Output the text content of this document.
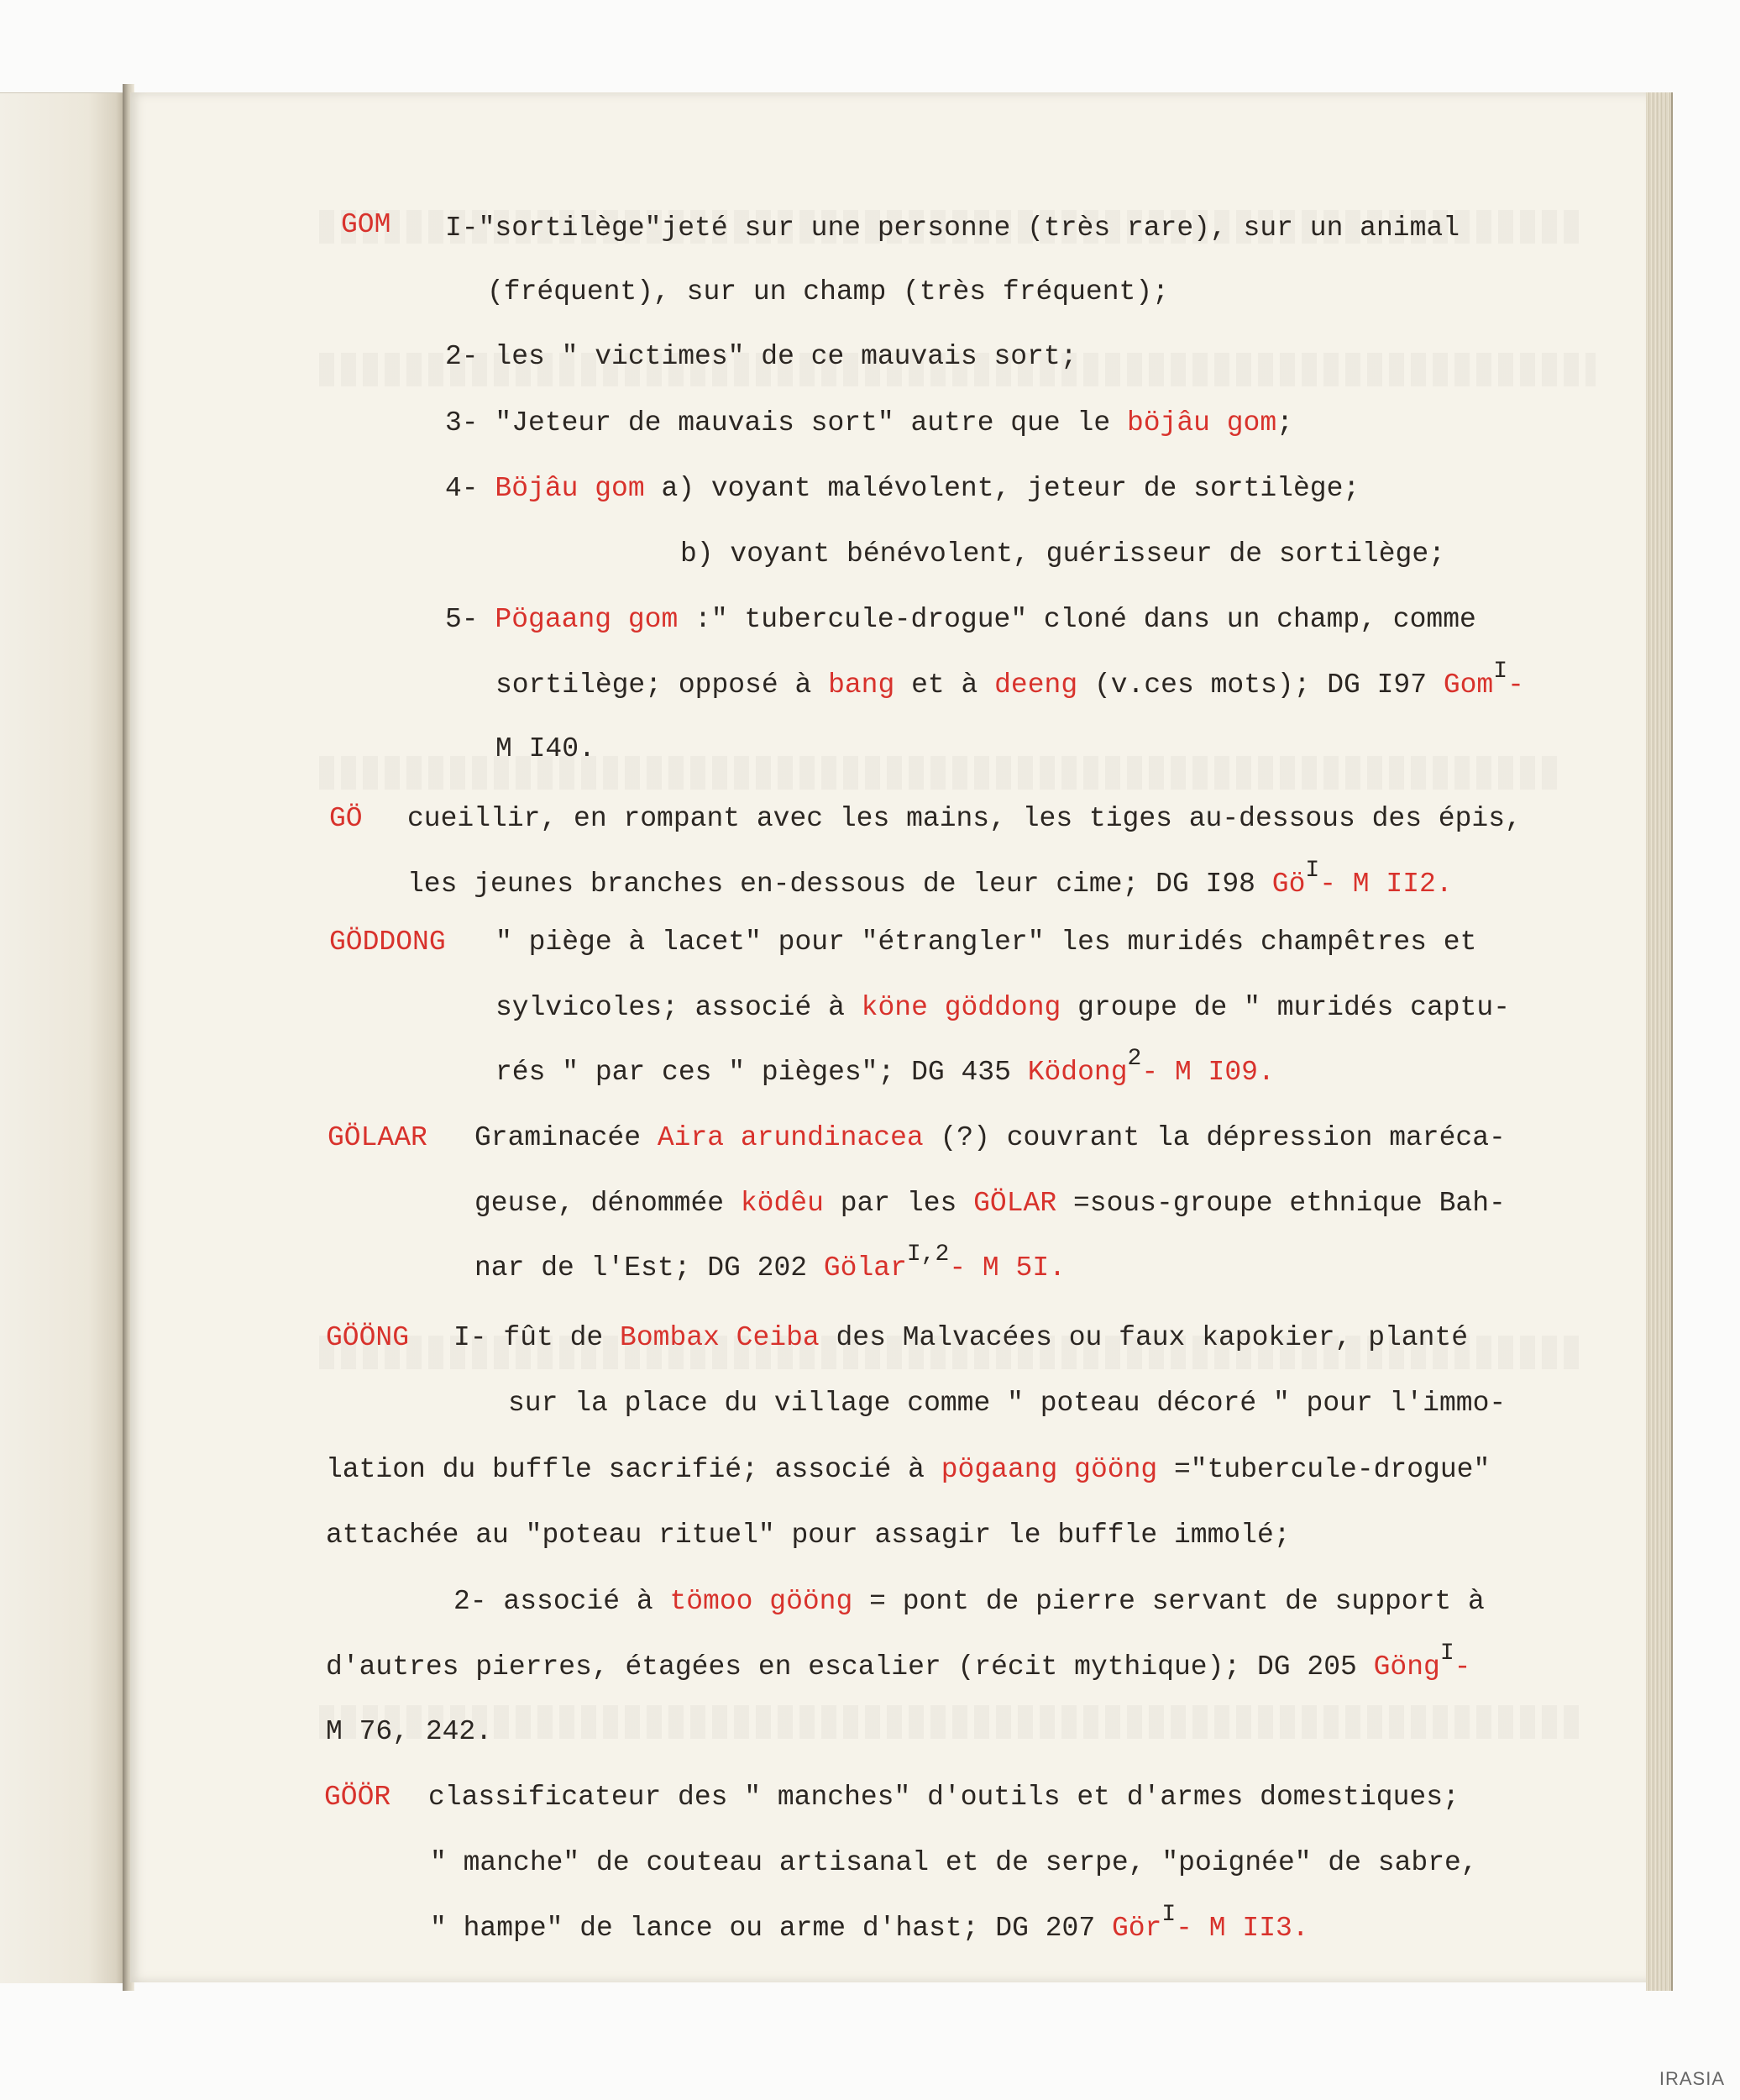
GOM I-"sortilège"jeté sur une personne (très rare), sur un animal
(fréquent), sur un champ (très fréquent);
2- les " victimes" de ce mauvais sort;
3- "Jeteur de mauvais sort" autre que le böjâu gom;
4- Böjâu gom a) voyant malévolent, jeteur de sortilège;
b) voyant bénévolent, guérisseur de sortilège;
5- Pögaang gom :" tubercule-drogue" cloné dans un champ, comme
sortilège; opposé à bang et à deeng (v.ces mots); DG I97 Gom$^I$-
M I40.
GÖ cueillir, en rompant avec les mains, les tiges au-dessous des épis,
les jeunes branches en-dessous de leur cime; DG I98 $Gö^I-$ M II2.
GÖDDONG " piège à lacet" pour "étrangler" les muridés champêtres et
sylvicoles; associé à köne göddong groupe de " muridés captu-
rés " par ces " pièges"; DG 435 Ködong$^2$- M I09.
GÖLAAR Graminacée Aira arundinacea (?) couvrant la dépression maréca-
geuse, dénommée ködêu par les GÖLAR =sous-groupe ethnique Bah-
nar de l'Est; DG 202 Gölar$^{I,2}$- M 5I.
GÖÖNG I- fût de Bombax Ceiba des Malvacées ou faux kapokier, planté
sur la place du village comme " poteau décoré " pour l'immo-
lation du buffle sacrifié; associé à pögaang gööng ="tubercule-drogue"
attachée au "poteau rituel" pour assagir le buffle immolé;
2- associé à tömoo gööng = pont de pierre servant de support à
d'autres pierres, étagées en escalier (récit mythique); DG 205 Göng$^I$-
M 76, 242.
GÖÖR classificateur des " manches" d'outils et d'armes domestiques;
" manche" de couteau artisanal et de serpe, "poignée" de sabre,
" hampe" de lance ou arme d'hast; DG 207 Gör$^I$- M II3.
IRASIA
